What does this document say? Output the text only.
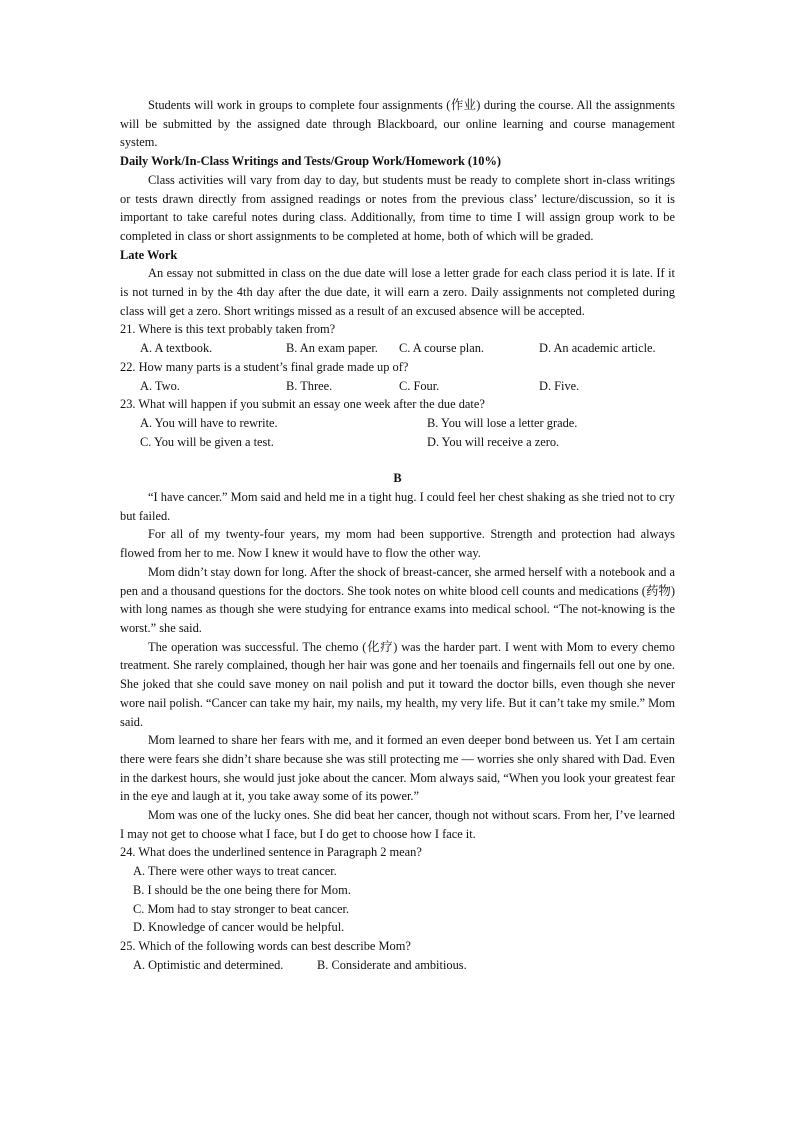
Students will work in groups to complete four assignments (作业) during the course. All the assignments will be submitted by the assigned date through Blackboard, our online learning and course management system.

Daily Work/In-Class Writings and Tests/Group Work/Homework (10%)

Class activities will vary from day to day, but students must be ready to complete short in-class writings or tests drawn directly from assigned readings or notes from the previous class’ lecture/discussion, so it is important to take careful notes during class. Additionally, from time to time I will assign group work to be completed in class or short assignments to be completed at home, both of which will be graded.

Late Work

An essay not submitted in class on the due date will lose a letter grade for each class period it is late. If it is not turned in by the 4th day after the due date, it will earn a zero. Daily assignments not completed during class will get a zero. Short writings missed as a result of an excused absence will be accepted.

21. Where is this text probably taken from?

A. A textbook.	B. An exam paper.	C. A course plan.	D. An academic article.

22. How many parts is a student’s final grade made up of?

A. Two.	B. Three.	C. Four.	D. Five.

23. What will happen if you submit an essay one week after the due date?

A. You will have to rewrite.	B. You will lose a letter grade.
C. You will be given a test.	D. You will receive a zero.

B

“I have cancer.” Mom said and held me in a tight hug. I could feel her chest shaking as she tried not to cry but failed.

For all of my twenty-four years, my mom had been supportive. Strength and protection had always flowed from her to me. Now I knew it would have to flow the other way.

Mom didn’t stay down for long. After the shock of breast-cancer, she armed herself with a notebook and a pen and a thousand questions for the doctors. She took notes on white blood cell counts and medications (药物) with long names as though she were studying for entrance exams into medical school. “The not-knowing is the worst.” she said.

The operation was successful. The chemo (化疗) was the harder part. I went with Mom to every chemo treatment. She rarely complained, though her hair was gone and her toenails and fingernails fell out one by one. She joked that she could save money on nail polish and put it toward the doctor bills, even though she never wore nail polish. “Cancer can take my hair, my nails, my health, my very life. But it can’t take my smile.” Mom said.

Mom learned to share her fears with me, and it formed an even deeper bond between us. Yet I am certain there were fears she didn’t share because she was still protecting me — worries she only shared with Dad. Even in the darkest hours, she would just joke about the cancer. Mom always said, “When you look your greatest fear in the eye and laugh at it, you take away some of its power.”

Mom was one of the lucky ones. She did beat her cancer, though not without scars. From her, I’ve learned I may not get to choose what I face, but I do get to choose how I face it.

24. What does the underlined sentence in Paragraph 2 mean?

A. There were other ways to treat cancer.

B. I should be the one being there for Mom.

C. Mom had to stay stronger to beat cancer.

D. Knowledge of cancer would be helpful.

25. Which of the following words can best describe Mom?

A. Optimistic and determined.	B. Considerate and ambitious.
